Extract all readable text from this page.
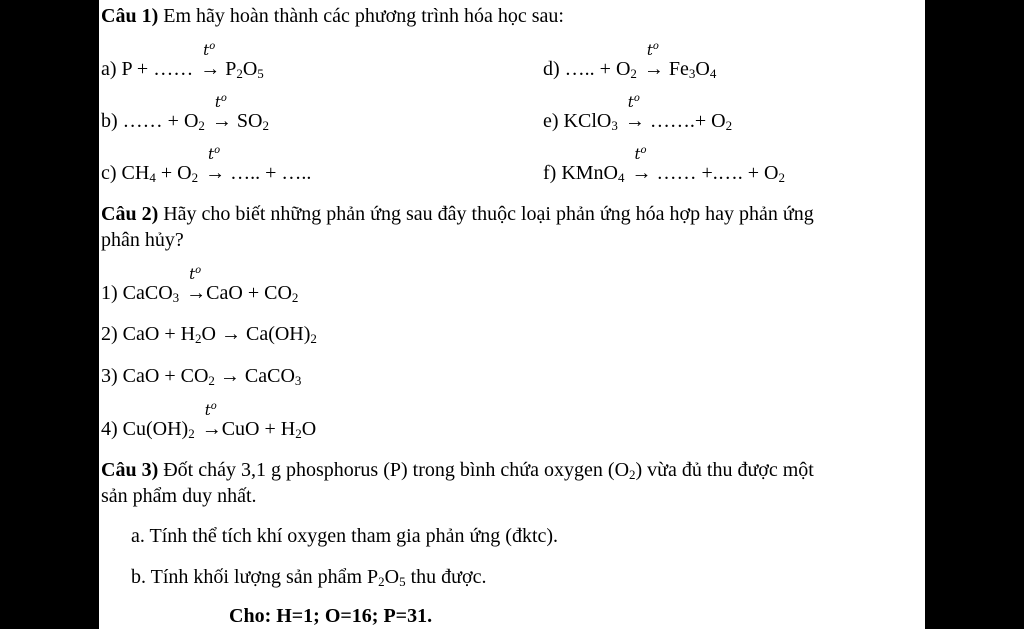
Câu 1) Em hãy hoàn thành các phương trình hóa học sau:
a) P + ……
$t^o$
→ $P_2O_5$	d) ….. + $O_2$
$t^o$
→ $Fe_3O_4$
b) …… + $O_2$
$t^o$
→ $SO_2$	e) KClO$_3$
$t^o$
→ …….+ $O_2$
c) $CH_4 + O_2$
$t^o$
→ ….. + …..	f) KMnO$_4$
$t^o$
→ …… +.…. + $O_2$
Câu 2) Hãy cho biết những phản ứng sau đây thuộc loại phản ứng hóa hợp hay phản ứng
phân hủy?
1) CaCO$_3$
$t^o$
$\to CaO + CO_2$
2) CaO + $H_2O \to Ca(OH)_2$
3) CaO + $CO_2$ → CaCO$_3$
4) $Cu(OH)_2$
$t^o$
$\to CuO + H_2O$
Câu 3) Đốt cháy 3,1 g phosphorus (P) trong bình chứa oxygen $(O_2)$ vừa đủ thu được một
sản phẩm duy nhất.
a. Tính thể tích khí oxygen tham gia phản ứng (đktc).
b. Tính khối lượng sản phẩm $P_2O_5$ thu được.
Cho: H=1; O=16; P=31.
